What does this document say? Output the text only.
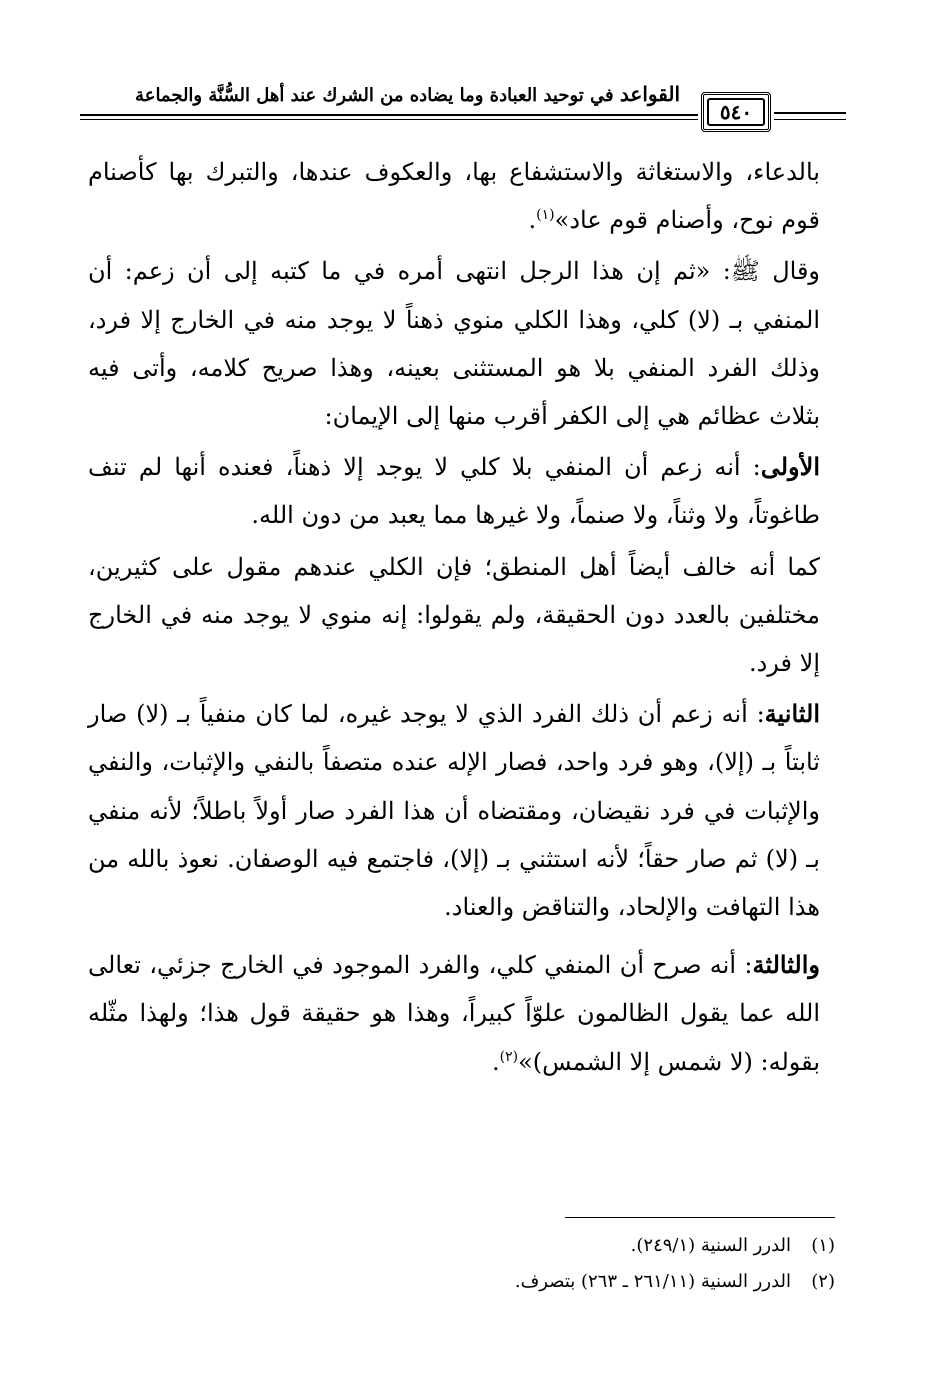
القواعد في توحيد العبادة وما يضاده من الشرك عند أهل السُّنَّة والجماعة
٥٤٠

بالدعاء، والاستغاثة والاستشفاع بها، والعكوف عندها، والتبرك بها كأصنام قوم نوح، وأصنام قوم عاد»$^{(١)}$.

وقال ﷺ: «ثم إن هذا الرجل انتهى أمره في ما كتبه إلى أن زعم: أن المنفي بـ (لا) كلي، وهذا الكلي منوي ذهناً لا يوجد منه في الخارج إلا فرد، وذلك الفرد المنفي بلا هو المستثنى بعينه، وهذا صريح كلامه، وأتى فيه بثلاث عظائم هي إلى الكفر أقرب منها إلى الإيمان:

الأولى: أنه زعم أن المنفي بلا كلي لا يوجد إلا ذهناً، فعنده أنها لم تنف طاغوتاً، ولا وثناً، ولا صنماً، ولا غيرها مما يعبد من دون الله.

كما أنه خالف أيضاً أهل المنطق؛ فإن الكلي عندهم مقول على كثيرين، مختلفين بالعدد دون الحقيقة، ولم يقولوا: إنه منوي لا يوجد منه في الخارج إلا فرد.

الثانية: أنه زعم أن ذلك الفرد الذي لا يوجد غيره، لما كان منفياً بـ (لا) صار ثابتاً بـ (إلا)، وهو فرد واحد، فصار الإله عنده متصفاً بالنفي والإثبات، والنفي والإثبات في فرد نقيضان، ومقتضاه أن هذا الفرد صار أولاً باطلاً؛ لأنه منفي بـ (لا) ثم صار حقاً؛ لأنه استثني بـ (إلا)، فاجتمع فيه الوصفان. نعوذ بالله من هذا التهافت والإلحاد، والتناقض والعناد.

والثالثة: أنه صرح أن المنفي كلي، والفرد الموجود في الخارج جزئي، تعالى الله عما يقول الظالمون علوّاً كبيراً، وهذا هو حقيقة قول هذا؛ ولهذا مثّله بقوله: (لا شمس إلا الشمس)»$^{(٢)}$.

(١)الدرر السنية (٢٤٩/١).
(٢)الدرر السنية (٢٦١/١١ ـ ٢٦٣) بتصرف.
